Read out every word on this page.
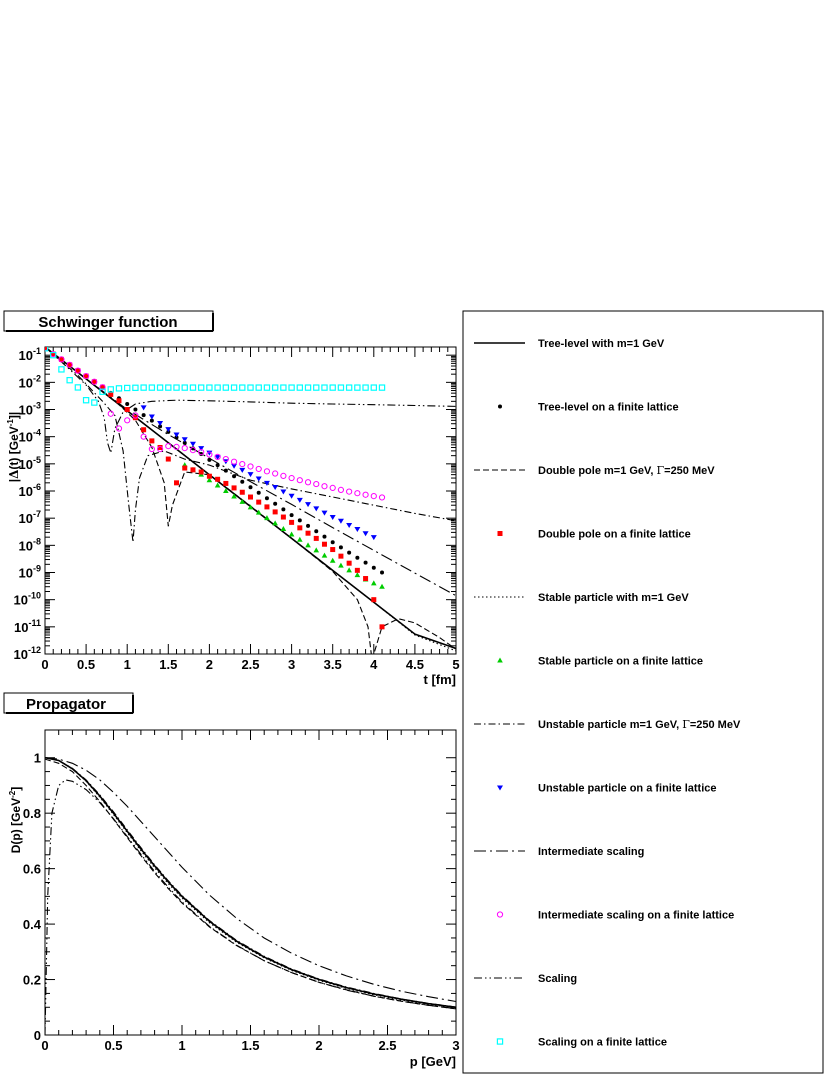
Schwinger function
0 0.5 1 1.5 2 2.5 3 3.5 4 4.5 5
$10^{-12}$
$10^{-11}$
$10^{-10}$
$10^{-9}$
$10^{-8}$
$10^{-7}$
$10^{-6}$
$10^{-5}$
$10^{-4}$
$10^{-3}$
$10^{-2}$
$10^{-1}$
t [fm]
|Δ(t) [GeV$^{-1}$]|
Propagator
0	0.5	1	1.5	2	2.5	3
0
0.2
0.4
0.6
0.8
1
p [GeV]
D(p) [GeV$^{-2}$]
Tree-level with m=1 GeV
Tree-level on a finite lattice
Double pole m=1 GeV, Γ=250 MeV
Double pole on a finite lattice
Stable particle with m=1 GeV
Stable particle on a finite lattice
Unstable particle m=1 GeV, Γ=250 MeV
Unstable particle on a finite lattice
Intermediate scaling
Intermediate scaling on a finite lattice
Scaling
Scaling on a finite lattice
